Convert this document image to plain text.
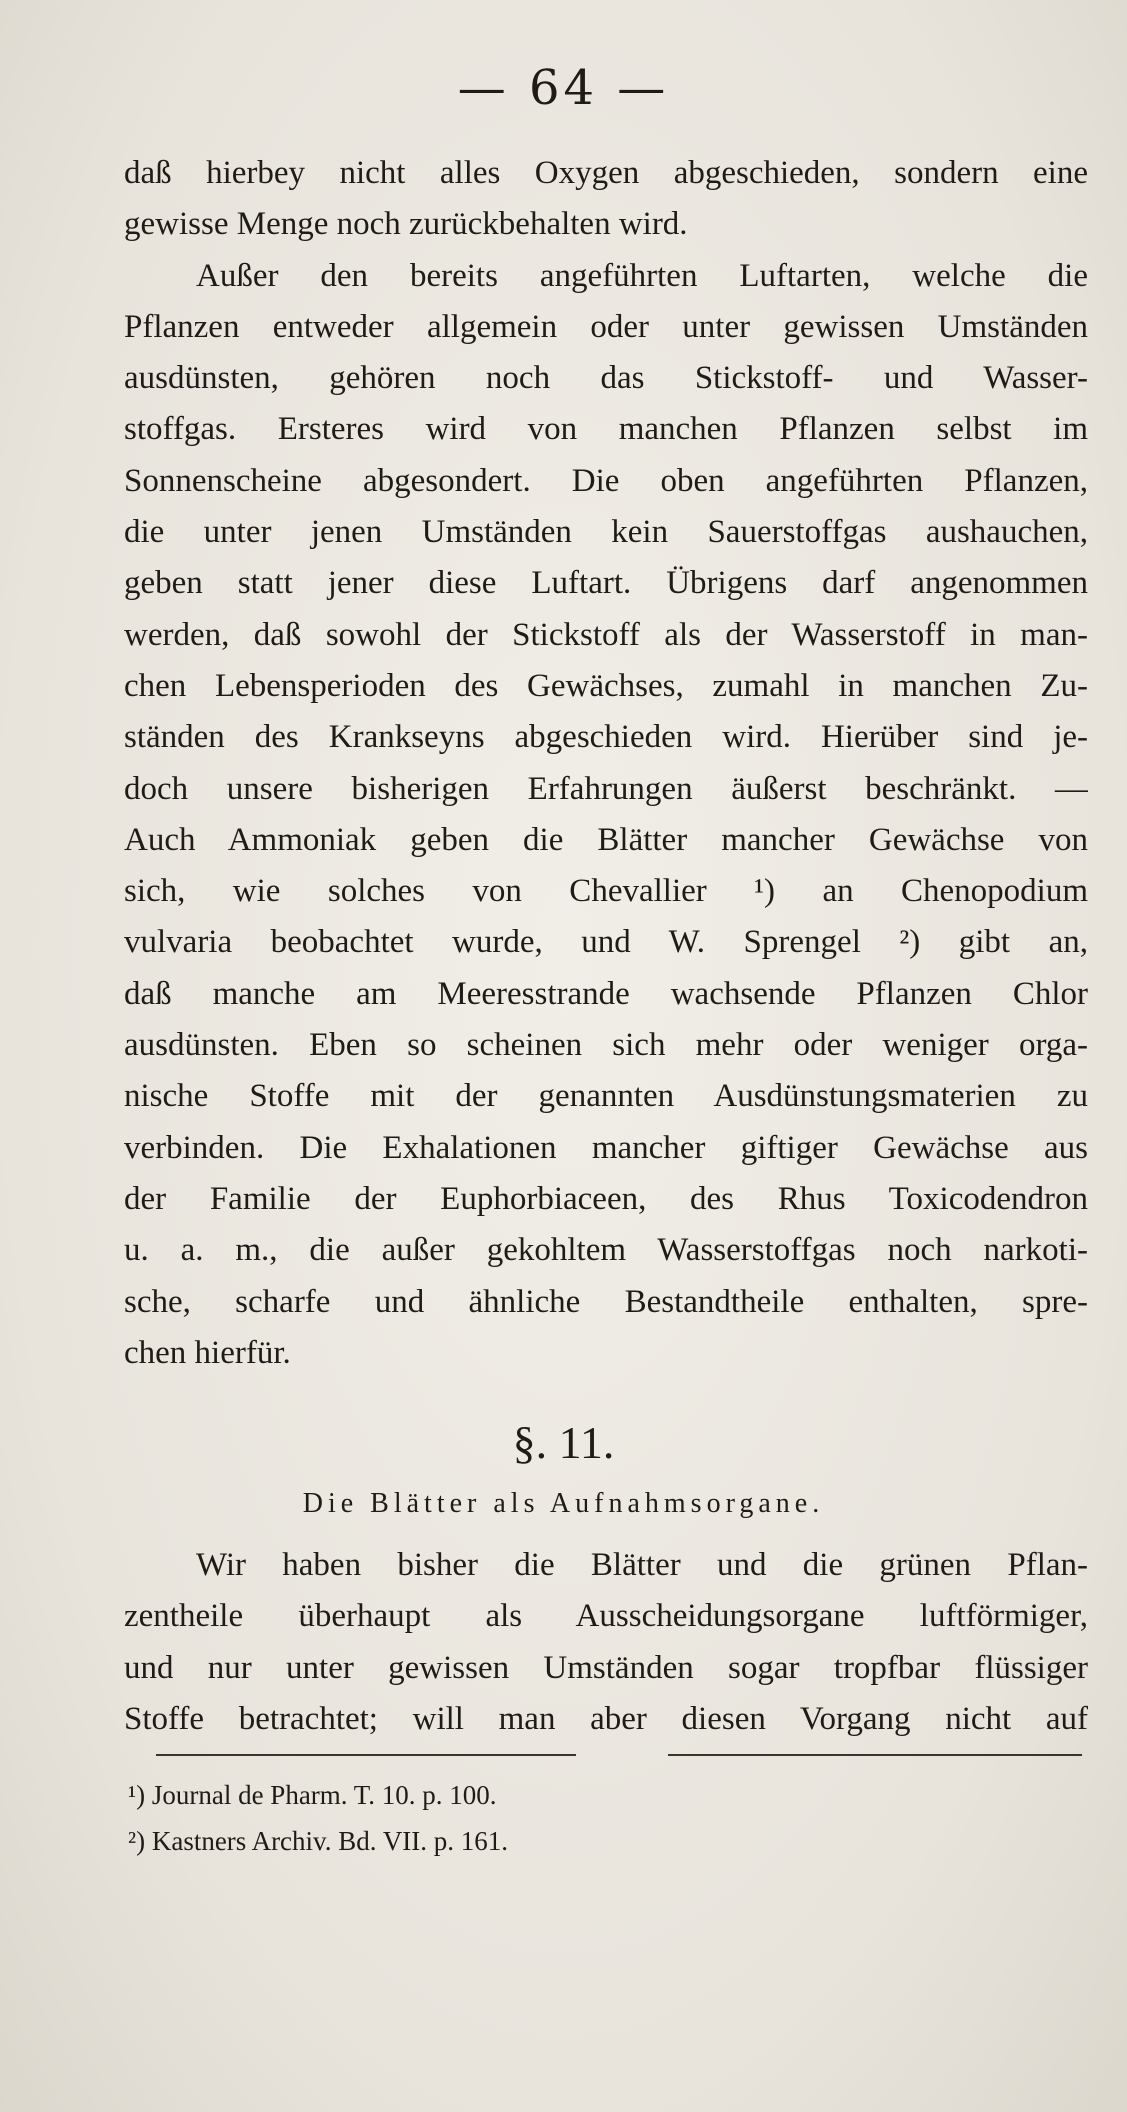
— 64 —
daß hierbey nicht alles Oxygen abgeschieden, sondern eine
gewisse Menge noch zurückbehalten wird.
Außer den bereits angeführten Luftarten, welche die
Pflanzen entweder allgemein oder unter gewissen Umständen
ausdünsten, gehören noch das Stickstoff- und Wasser-
stoffgas. Ersteres wird von manchen Pflanzen selbst im
Sonnenscheine abgesondert. Die oben angeführten Pflanzen,
die unter jenen Umständen kein Sauerstoffgas aushauchen,
geben statt jener diese Luftart. Übrigens darf angenommen
werden, daß sowohl der Stickstoff als der Wasserstoff in man-
chen Lebensperioden des Gewächses, zumahl in manchen Zu-
ständen des Krankseyns abgeschieden wird. Hierüber sind je-
doch unsere bisherigen Erfahrungen äußerst beschränkt. —
Auch Ammoniak geben die Blätter mancher Gewächse von
sich, wie solches von Chevallier ¹) an Chenopodium
vulvaria beobachtet wurde, und W. Sprengel ²) gibt an,
daß manche am Meeresstrande wachsende Pflanzen Chlor
ausdünsten. Eben so scheinen sich mehr oder weniger orga-
nische Stoffe mit der genannten Ausdünstungsmaterien zu
verbinden. Die Exhalationen mancher giftiger Gewächse aus
der Familie der Euphorbiaceen, des Rhus Toxicodendron
u. a. m., die außer gekohltem Wasserstoffgas noch narkoti-
sche, scharfe und ähnliche Bestandtheile enthalten, spre-
chen hierfür.
§. 11.
Die Blätter als Aufnahmsorgane.
Wir haben bisher die Blätter und die grünen Pflan-
zentheile überhaupt als Ausscheidungsorgane luftförmiger,
und nur unter gewissen Umständen sogar tropfbar flüssiger
Stoffe betrachtet; will man aber diesen Vorgang nicht auf
¹) Journal de Pharm. T. 10. p. 100.
²) Kastners Archiv. Bd. VII. p. 161.
